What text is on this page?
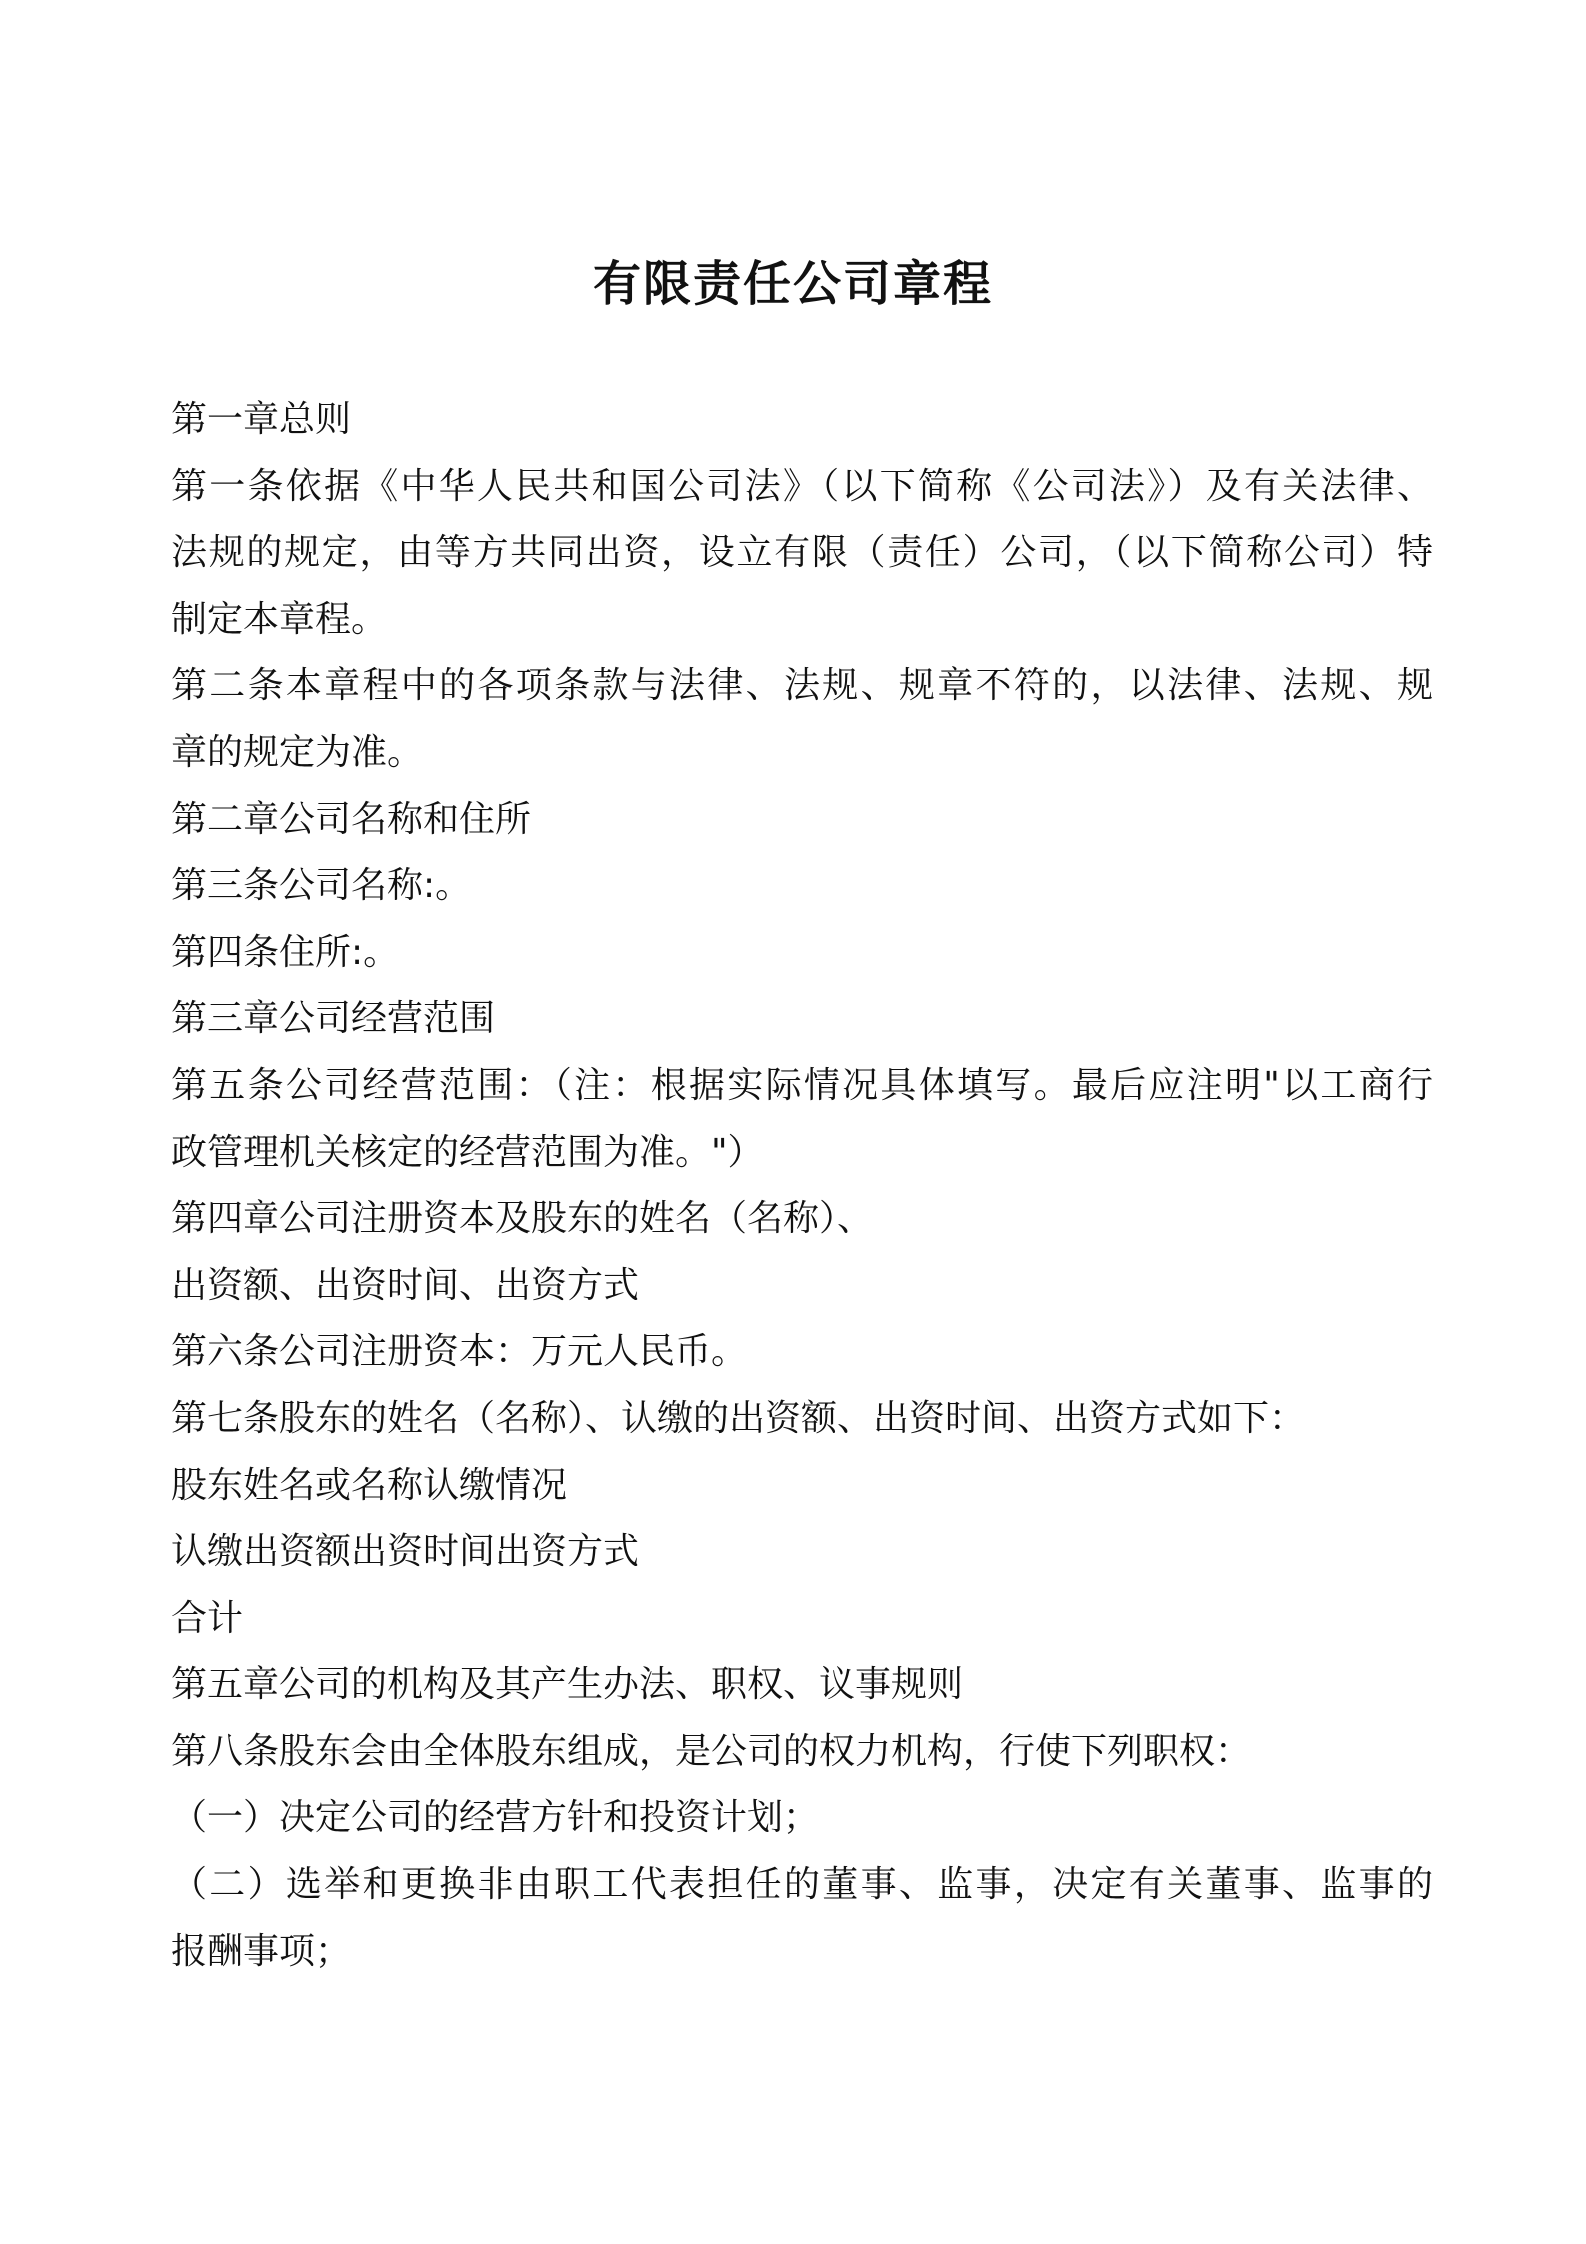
有限责任公司章程

第一章总则

第一条依据《中华人民共和国公司法》（以下简称《公司法》）及有关法律、

法规的规定，由等方共同出资，设立有限（责任）公司，（以下简称公司）特

制定本章程。

第二条本章程中的各项条款与法律、法规、规章不符的，以法律、法规、规

章的规定为准。

第二章公司名称和住所

第三条公司名称:。

第四条住所:。

第三章公司经营范围

第五条公司经营范围：（注：根据实际情况具体填写。最后应注明"以工商行

政管理机关核定的经营范围为准。"）

第四章公司注册资本及股东的姓名（名称）、

出资额、出资时间、出资方式

第六条公司注册资本：万元人民币。

第七条股东的姓名（名称）、认缴的出资额、出资时间、出资方式如下：

股东姓名或名称认缴情况

认缴出资额出资时间出资方式

合计

第五章公司的机构及其产生办法、职权、议事规则

第八条股东会由全体股东组成，是公司的权力机构，行使下列职权：

（一）决定公司的经营方针和投资计划；

（二）选举和更换非由职工代表担任的董事、监事，决定有关董事、监事的

报酬事项；
